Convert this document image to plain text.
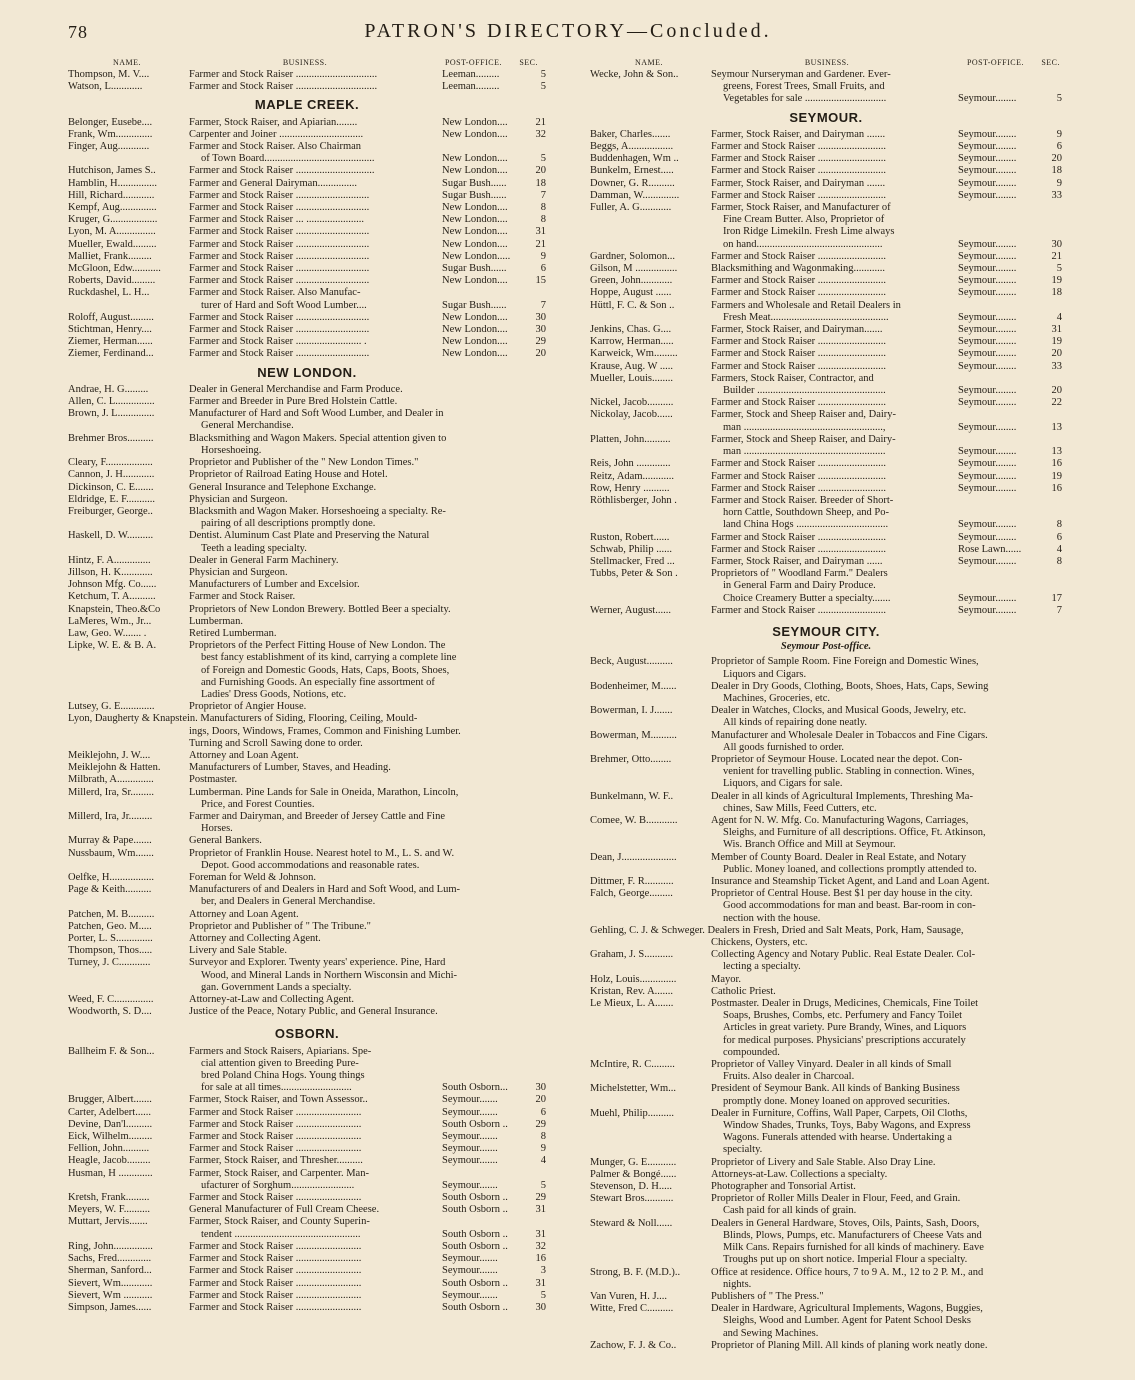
78	PATRON'S DIRECTORY—Concluded.
NAME.	BUSINESS.	POST-OFFICE.	SEC.
Thompson, M. V....	Farmer and Stock Raiser ...............................	Leeman.........	5
Watson, L............	Farmer and Stock Raiser ...............................	Leeman.........	5
MAPLE CREEK.
Belonger, Eusebe....	Farmer, Stock Raiser, and Apiarian........	New London....	21
Frank, Wm..............	Carpenter and Joiner ................................	New London....	32
Finger, Aug............	Farmer and Stock Raiser. Also Chairman
of Town Board..........................................	New London....	5
Hutchison, James S..	Farmer and Stock Raiser ..............................	New London....	20
Hamblin, H...............	Farmer and General Dairyman...............	Sugar Bush......	18
Hill, Richard............	Farmer and Stock Raiser ............................	Sugar Bush......	7
Kempf, Aug..............	Farmer and Stock Raiser ............................	New London....	8
Kruger, G..................	Farmer and Stock Raiser ... ......................	New London....	8
Lyon, M. A...............	Farmer and Stock Raiser ............................	New London....	31
Mueller, Ewald.........	Farmer and Stock Raiser ............................	New London....	21
Malliet, Frank.........	Farmer and Stock Raiser ............................	New London.....	9
McGloon, Edw...........	Farmer and Stock Raiser ............................	Sugar Bush......	6
Roberts, David.........	Farmer and Stock Raiser ............................	New London....	15
Ruckdashel, L. H...	Farmer and Stock Raiser. Also Manufac-
turer of Hard and Soft Wood Lumber....	Sugar Bush......	7
Roloff, August.........	Farmer and Stock Raiser ............................	New London....	30
Stichtman, Henry....	Farmer and Stock Raiser ............................	New London....	30
Ziemer, Herman......	Farmer and Stock Raiser ......................... .	New London....	29
Ziemer, Ferdinand...	Farmer and Stock Raiser ............................	New London....	20
NEW LONDON.
Andrae, H. G.........	Dealer in General Merchandise and Farm Produce.
Allen, C. L...............	Farmer and Breeder in Pure Bred Holstein Cattle.
Brown, J. L..............	Manufacturer of Hard and Soft Wood Lumber, and Dealer in
General Merchandise.
Brehmer Bros..........	Blacksmithing and Wagon Makers. Special attention given to
Horseshoeing.
Cleary, F..................	Proprietor and Publisher of the " New London Times."
Cannon, J. H............	Proprietor of Railroad Eating House and Hotel.
Dickinson, C. E.......	General Insurance and Telephone Exchange.
Eldridge, E. F...........	Physician and Surgeon.
Freiburger, George..	Blacksmith and Wagon Maker. Horseshoeing a specialty. Re-
pairing of all descriptions promptly done.
Haskell, D. W..........	Dentist. Aluminum Cast Plate and Preserving the Natural
Teeth a leading specialty.
Hintz, F. A..............	Dealer in General Farm Machinery.
Jillson, H. K............	Physician and Surgeon.
Johnson Mfg. Co......	Manufacturers of Lumber and Excelsior.
Ketchum, T. A..........	Farmer and Stock Raiser.
Knapstein, Theo.&Co	Proprietors of New London Brewery. Bottled Beer a specialty.
LaMeres, Wm., Jr...	Lumberman.
Law, Geo. W....... .	Retired Lumberman.
Lipke, W. E. & B. A.	Proprietors of the Perfect Fitting House of New London. The
best fancy establishment of its kind, carrying a complete line
of Foreign and Domestic Goods, Hats, Caps, Boots, Shoes,
and Furnishing Goods. An especially fine assortment of
Ladies' Dress Goods, Notions, etc.
Lutsey, G. E.............	Proprietor of Angier House.
Lyon, Daugherty & Knapstein. Manufacturers of Siding, Flooring, Ceiling, Mould-
ings, Doors, Windows, Frames, Common and Finishing Lumber.
Turning and Scroll Sawing done to order.
Meiklejohn, J. W....	Attorney and Loan Agent.
Meiklejohn & Hatten.	Manufacturers of Lumber, Staves, and Heading.
Milbrath, A..............	Postmaster.
Millerd, Ira, Sr.........	Lumberman. Pine Lands for Sale in Oneida, Marathon, Lincoln,
Price, and Forest Counties.
Millerd, Ira, Jr.........	Farmer and Dairyman, and Breeder of Jersey Cattle and Fine
Horses.
Murray & Pape.......	General Bankers.
Nussbaum, Wm.......	Proprietor of Franklin House. Nearest hotel to M., L. S. and W.
Depot. Good accommodations and reasonable rates.
Oelfke, H.................	Foreman for Weld & Johnson.
Page & Keith..........	Manufacturers of and Dealers in Hard and Soft Wood, and Lum-
ber, and Dealers in General Merchandise.
Patchen, M. B..........	Attorney and Loan Agent.
Patchen, Geo. M.....	Proprietor and Publisher of " The Tribune."
Porter, L. S..............	Attorney and Collecting Agent.
Thompson, Thos.....	Livery and Sale Stable.
Turney, J. C............	Surveyor and Explorer. Twenty years' experience. Pine, Hard
Wood, and Mineral Lands in Northern Wisconsin and Michi-
gan. Government Lands a specialty.
Weed, F. C...............	Attorney-at-Law and Collecting Agent.
Woodworth, S. D....	Justice of the Peace, Notary Public, and General Insurance.
OSBORN.
Ballheim F. & Son...	Farmers and Stock Raisers, Apiarians. Spe-
cial attention given to Breeding Pure-
bred Poland China Hogs. Young things
for sale at all times...........................	South Osborn...	30
Brugger, Albert.......	Farmer, Stock Raiser, and Town Assessor..	Seymour.......	20
Carter, Adelbert......	Farmer and Stock Raiser .........................	Seymour.......	6
Devine, Dan'l..........	Farmer and Stock Raiser .........................	South Osborn ..	29
Eick, Wilhelm.........	Farmer and Stock Raiser .........................	Seymour.......	8
Fellion, John..........	Farmer and Stock Raiser .........................	Seymour.......	9
Heagle, Jacob.........	Farmer, Stock Raiser, and Thresher..........	Seymour.......	4
Husman, H .............	Farmer, Stock Raiser, and Carpenter. Man-
ufacturer of Sorghum........................	Seymour.......	5
Kretsh, Frank.........	Farmer and Stock Raiser .........................	South Osborn ..	29
Meyers, W. F..........	General Manufacturer of Full Cream Cheese.	South Osborn ..	31
Muttart, Jervis.......	Farmer, Stock Raiser, and County Superin-
tendent ................................................	South Osborn ..	31
Ring, John...............	Farmer and Stock Raiser .........................	South Osborn ..	32
Sachs, Fred.............	Farmer and Stock Raiser .........................	Seymour.......	16
Sherman, Sanford...	Farmer and Stock Raiser .........................	Seymour.......	3
Sievert, Wm............	Farmer and Stock Raiser .........................	South Osborn ..	31
Sievert, Wm ...........	Farmer and Stock Raiser .........................	Seymour.......	5
Simpson, James......	Farmer and Stock Raiser .........................	South Osborn ..	30
NAME.	BUSINESS.	POST-OFFICE.	SEC.
Wecke, John & Son..	Seymour Nurseryman and Gardener. Ever-
greens, Forest Trees, Small Fruits, and
Vegetables for sale ...............................	Seymour........	5
SEYMOUR.
Baker, Charles.......	Farmer, Stock Raiser, and Dairyman .......	Seymour........	9
Beggs, A.................	Farmer and Stock Raiser ..........................	Seymour........	6
Buddenhagen, Wm ..	Farmer and Stock Raiser ..........................	Seymour........	20
Bunkelm, Ernest.....	Farmer and Stock Raiser ..........................	Seymour........	18
Downer, G. R..........	Farmer, Stock Raiser, and Dairyman .......	Seymour........	9
Damman, W..............	Farmer and Stock Raiser ..........................	Seymour........	33
Fuller, A. G............	Farmer, Stock Raiser, and Manufacturer of
Fine Cream Butter. Also, Proprietor of
Iron Ridge Limekiln. Fresh Lime always
on hand................................................	Seymour........	30
Gardner, Solomon...	Farmer and Stock Raiser ..........................	Seymour........	21
Gilson, M ................	Blacksmithing and Wagonmaking............	Seymour........	5
Green, John............	Farmer and Stock Raiser ..........................	Seymour........	19
Hoppe, August ......	Farmer and Stock Raiser ..........................	Seymour........	18
Hüttl, F. C. & Son ..	Farmers and Wholesale and Retail Dealers in
Fresh Meat.............................................	Seymour........	4
Jenkins, Chas. G....	Farmer, Stock Raiser, and Dairyman.......	Seymour........	31
Karrow, Herman.....	Farmer and Stock Raiser ..........................	Seymour........	19
Karweick, Wm.........	Farmer and Stock Raiser ..........................	Seymour........	20
Krause, Aug. W .....	Farmer and Stock Raiser ..........................	Seymour........	33
Mueller, Louis........	Farmers, Stock Raiser, Contractor, and
Builder .................................................	Seymour........	20
Nickel, Jacob..........	Farmer and Stock Raiser ..........................	Seymour........	22
Nickolay, Jacob......	Farmer, Stock and Sheep Raiser and, Dairy-
man .....................................................,	Seymour........	13
Platten, John..........	Farmer, Stock and Sheep Raiser, and Dairy-
man ......................................................	Seymour........	13
Reis, John .............	Farmer and Stock Raiser ..........................	Seymour........	16
Reitz, Adam............	Farmer and Stock Raiser ..........................	Seymour........	19
Row, Henry ..........	Farmer and Stock Raiser ..........................	Seymour........	16
Röthlisberger, John .	Farmer and Stock Raiser. Breeder of Short-
horn Cattle, Southdown Sheep, and Po-
land China Hogs ...................................	Seymour........	8
Ruston, Robert......	Farmer and Stock Raiser ..........................	Seymour........	6
Schwab, Philip ......	Farmer and Stock Raiser ..........................	Rose Lawn......	4
Stellmacker, Fred ...	Farmer, Stock Raiser, and Dairyman ......	Seymour........	8
Tubbs, Peter & Son .	Proprietors of " Woodland Farm." Dealers
in General Farm and Dairy Produce.
Choice Creamery Butter a specialty.......	Seymour........	17
Werner, August......	Farmer and Stock Raiser ..........................	Seymour........	7
SEYMOUR CITY.
Seymour Post-office.
Beck, August..........	Proprietor of Sample Room. Fine Foreign and Domestic Wines,
Liquors and Cigars.
Bodenheimer, M......	Dealer in Dry Goods, Clothing, Boots, Shoes, Hats, Caps, Sewing
Machines, Groceries, etc.
Bowerman, I. J.......	Dealer in Watches, Clocks, and Musical Goods, Jewelry, etc.
All kinds of repairing done neatly.
Bowerman, M..........	Manufacturer and Wholesale Dealer in Tobaccos and Fine Cigars.
All goods furnished to order.
Brehmer, Otto........	Proprietor of Seymour House. Located near the depot. Con-
venient for travelling public. Stabling in connection. Wines,
Liquors, and Cigars for sale.
Bunkelmann, W. F..	Dealer in all kinds of Agricultural Implements, Threshing Ma-
chines, Saw Mills, Feed Cutters, etc.
Comee, W. B............	Agent for N. W. Mfg. Co. Manufacturing Wagons, Carriages,
Sleighs, and Furniture of all descriptions. Office, Ft. Atkinson,
Wis. Branch Office and Mill at Seymour.
Dean, J.....................	Member of County Board. Dealer in Real Estate, and Notary
Public. Money loaned, and collections promptly attended to.
Dittmer, F. R...........	Insurance and Steamship Ticket Agent, and Land and Loan Agent.
Falch, George.........	Proprietor of Central House. Best $1 per day house in the city.
Good accommodations for man and beast. Bar-room in con-
nection with the house.
Gehling, C. J. & Schweger. Dealers in Fresh, Dried and Salt Meats, Pork, Ham, Sausage,
Chickens, Oysters, etc.
Graham, J. S...........	Collecting Agency and Notary Public. Real Estate Dealer. Col-
lecting a specialty.
Holz, Louis..............	Mayor.
Kristan, Rev. A.......	Catholic Priest.
Le Mieux, L. A.......	Postmaster. Dealer in Drugs, Medicines, Chemicals, Fine Toilet
Soaps, Brushes, Combs, etc. Perfumery and Fancy Toilet
Articles in great variety. Pure Brandy, Wines, and Liquors
for medical purposes. Physicians' prescriptions accurately
compounded.
McIntire, R. C.........	Proprietor of Valley Vinyard. Dealer in all kinds of Small
Fruits. Also dealer in Charcoal.
Michelstetter, Wm...	President of Seymour Bank. All kinds of Banking Business
promptly done. Money loaned on approved securities.
Muehl, Philip..........	Dealer in Furniture, Coffins, Wall Paper, Carpets, Oil Cloths,
Window Shades, Trunks, Toys, Baby Wagons, and Express
Wagons. Funerals attended with hearse. Undertaking a
specialty.
Munger, G. E...........	Proprietor of Livery and Sale Stable. Also Dray Line.
Palmer & Bongé......	Attorneys-at-Law. Collections a specialty.
Stevenson, D. H.....	Photographer and Tonsorial Artist.
Stewart Bros...........	Proprietor of Roller Mills Dealer in Flour, Feed, and Grain.
Cash paid for all kinds of grain.
Steward & Noll......	Dealers in General Hardware, Stoves, Oils, Paints, Sash, Doors,
Blinds, Plows, Pumps, etc. Manufacturers of Cheese Vats and
Milk Cans. Repairs furnished for all kinds of machinery. Eave
Troughs put up on short notice. Imperial Flour a specialty.
Strong, B. F. (M.D.)..	Office at residence. Office hours, 7 to 9 A. M., 12 to 2 P. M., and
nights.
Van Vuren, H. J....	Publishers of " The Press."
Witte, Fred C..........	Dealer in Hardware, Agricultural Implements, Wagons, Buggies,
Sleighs, Wood and Lumber. Agent for Patent School Desks
and Sewing Machines.
Zachow, F. J. & Co..	Proprietor of Planing Mill. All kinds of planing work neatly done.
